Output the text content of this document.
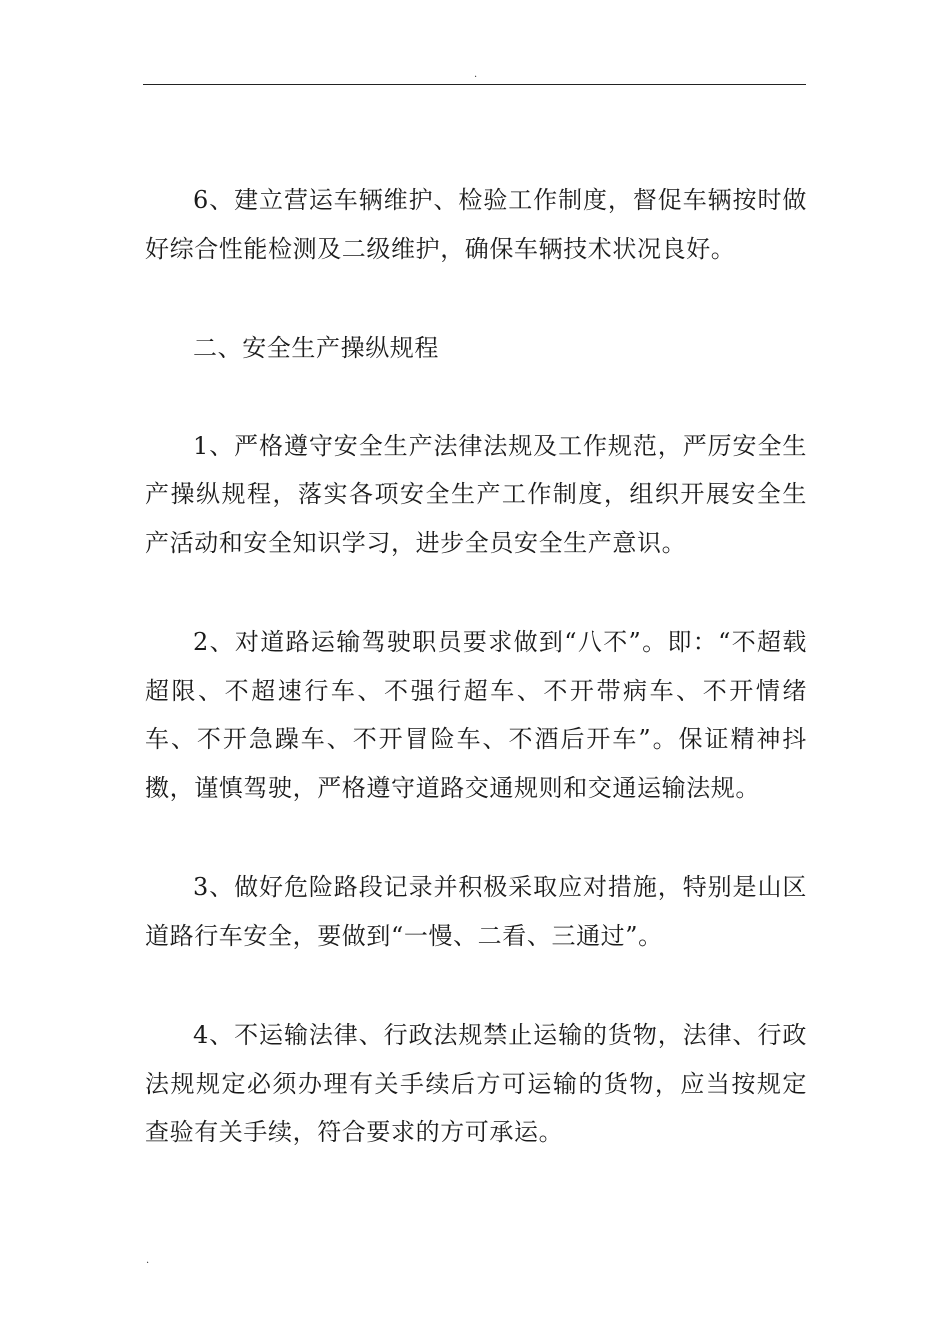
.

6、建立营运车辆维护、检验工作制度，督促车辆按时做好综合性能检测及二级维护，确保车辆技术状况良好。

二、安全生产操纵规程

1、严格遵守安全生产法律法规及工作规范，严厉安全生产操纵规程，落实各项安全生产工作制度，组织开展安全生产活动和安全知识学习，进步全员安全生产意识。

2、对道路运输驾驶职员要求做到“八不”。即：“不超载超限、不超速行车、不强行超车、不开带病车、不开情绪车、不开急躁车、不开冒险车、不酒后开车”。保证精神抖擞，谨慎驾驶，严格遵守道路交通规则和交通运输法规。

3、做好危险路段记录并积极采取应对措施，特别是山区道路行车安全，要做到“一慢、二看、三通过”。

4、不运输法律、行政法规禁止运输的货物，法律、行政法规规定必须办理有关手续后方可运输的货物，应当按规定查验有关手续，符合要求的方可承运。

.
